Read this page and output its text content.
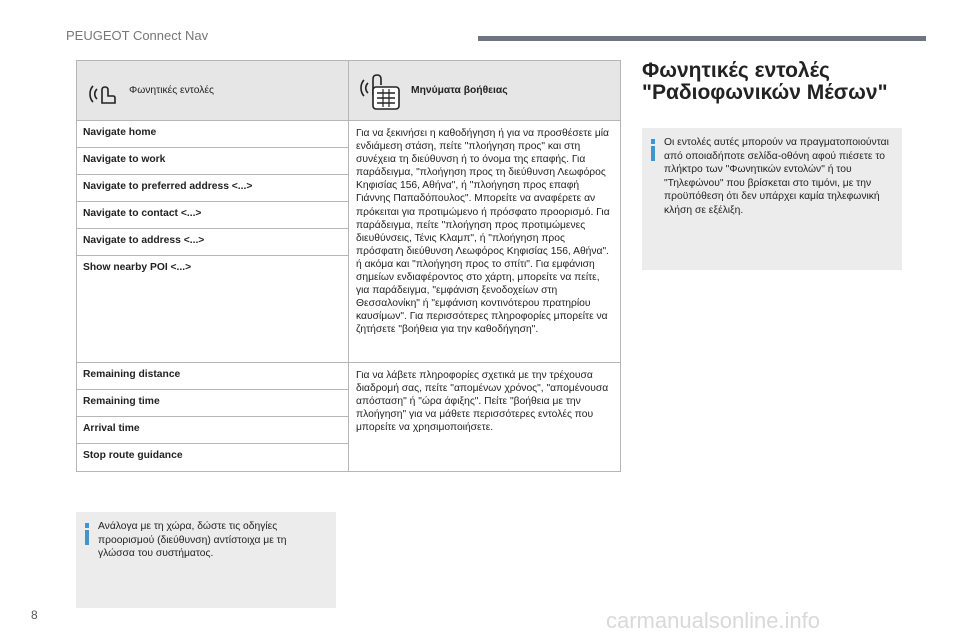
PEUGEOT Connect Nav
Φωνητικές εντολές	Μηνύματα βοήθειας

Navigate home	Για να ξεκινήσει η καθοδήγηση ή για να προσθέσετε μία ενδιάμεση στάση, πείτε "πλοήγηση προς" και στη συνέχεια τη διεύθυνση ή το όνομα της επαφής. Για παράδειγμα, "πλοήγηση προς τη διεύθυνση Λεωφόρος Κηφισίας 156, Αθήνα", ή "πλοήγηση προς επαφή Γιάννης Παπαδόπουλος". Μπορείτε να αναφέρετε αν πρόκειται για προτιμώμενο ή πρόσφατο προορισμό. Για παράδειγμα, πείτε "πλοήγηση προς προτιμώμενες διευθύνσεις, Τένις Κλαμπ", ή "πλοήγηση προς πρόσφατη διεύθυνση Λεωφόρος Κηφισίας 156, Αθήνα". ή ακόμα και "πλοήγηση προς το σπίτι". Για εμφάνιση σημείων ενδιαφέροντος στο χάρτη, μπορείτε να πείτε, για παράδειγμα, "εμφάνιση ξενοδοχείων στη Θεσσαλονίκη" ή "εμφάνιση κοντινότερου πρατηρίου καυσίμων". Για περισσότερες πληροφορίες μπορείτε να ζητήσετε "βοήθεια για την καθοδήγηση".
Navigate to work	
Navigate to preferred address <...>	
Navigate to contact <...>	
Navigate to address <...>	
Show nearby POI <...>	
Remaining distance	Για να λάβετε πληροφορίες σχετικά με την τρέχουσα διαδρομή σας, πείτε "απομένων χρόνος", "απομένουσα απόσταση" ή "ώρα άφιξης". Πείτε "βοήθεια με την πλοήγηση" για να μάθετε περισσότερες εντολές που μπορείτε να χρησιμοποιήσετε.
Remaining time	
Arrival time	
Stop route guidance	
Ανάλογα με τη χώρα, δώστε τις οδηγίες προορισμού (διεύθυνση) αντίστοιχα με τη γλώσσα του συστήματος.
Φωνητικές εντολές "Ραδιοφωνικών Μέσων"
Οι εντολές αυτές μπορούν να πραγματοποιούνται από οποιαδήποτε σελίδα-οθόνη αφού πιέσετε το πλήκτρο των "Φωνητικών εντολών" ή του "Τηλεφώνου" που βρίσκεται στο τιμόνι, με την προϋπόθεση ότι δεν υπάρχει καμία τηλεφωνική κλήση σε εξέλιξη.
8	carmanualsonline.info
